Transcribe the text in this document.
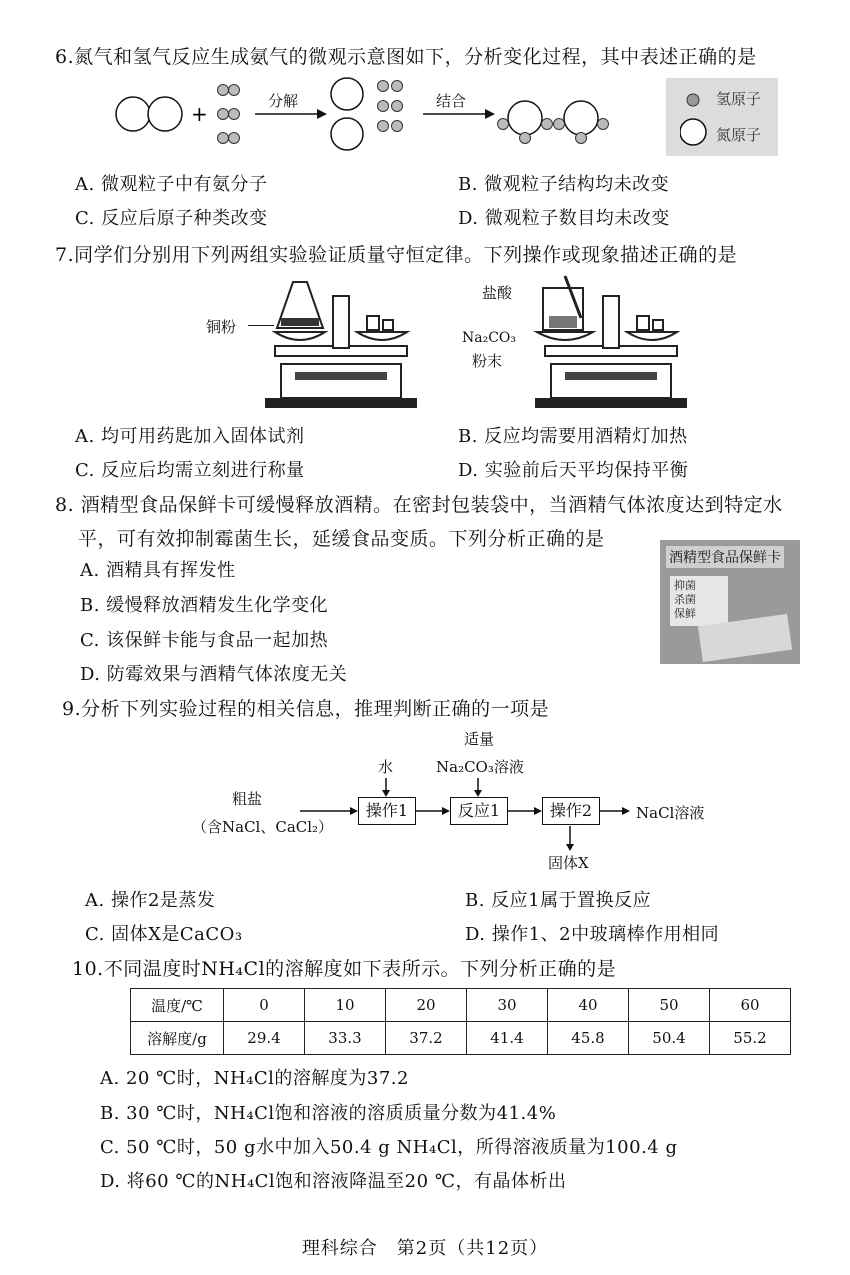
6.氮气和氢气反应生成氨气的微观示意图如下，分析变化过程，其中表述正确的是
+
分解	结合	氢原子
氮原子
A. 微观粒子中有氨分子	B. 微观粒子结构均未改变
C. 反应后原子种类改变	D. 微观粒子数目均未改变
7.同学们分别用下列两组实验验证质量守恒定律。下列操作或现象描述正确的是
铜粉
盐酸
Na₂CO₃
粉末
A. 均可用药匙加入固体试剂	B. 反应均需要用酒精灯加热
C. 反应后均需立刻进行称量	D. 实验前后天平均保持平衡
8. 酒精型食品保鲜卡可缓慢释放酒精。在密封包装袋中，当酒精气体浓度达到特定水
平，可有效抑制霉菌生长，延缓食品变质。下列分析正确的是
酒精型食品保鲜卡
抑菌
杀菌
保鲜
A. 酒精具有挥发性
B. 缓慢释放酒精发生化学变化
C. 该保鲜卡能与食品一起加热
D. 防霉效果与酒精气体浓度无关
9.分析下列实验过程的相关信息，推理判断正确的一项是
粗盐
（含NaCl、CaCl₂）
水
适量
Na₂CO₃溶液
操作1	反应1	操作2	NaCl溶液
固体X
A. 操作2是蒸发	B. 反应1属于置换反应
C. 固体X是CaCO₃	D. 操作1、2中玻璃棒作用相同
10.不同温度时NH₄Cl的溶解度如下表所示。下列分析正确的是
温度/℃	0	10	20	30	40	50	60
溶解度/g	29.4	33.3	37.2	41.4	45.8	50.4	55.2
A. 20 ℃时，NH₄Cl的溶解度为37.2
B. 30 ℃时，NH₄Cl饱和溶液的溶质质量分数为41.4%
C. 50 ℃时，50 g水中加入50.4 g NH₄Cl，所得溶液质量为100.4 g
D. 将60 ℃的NH₄Cl饱和溶液降温至20 ℃，有晶体析出
理科综合　第2页（共12页）
